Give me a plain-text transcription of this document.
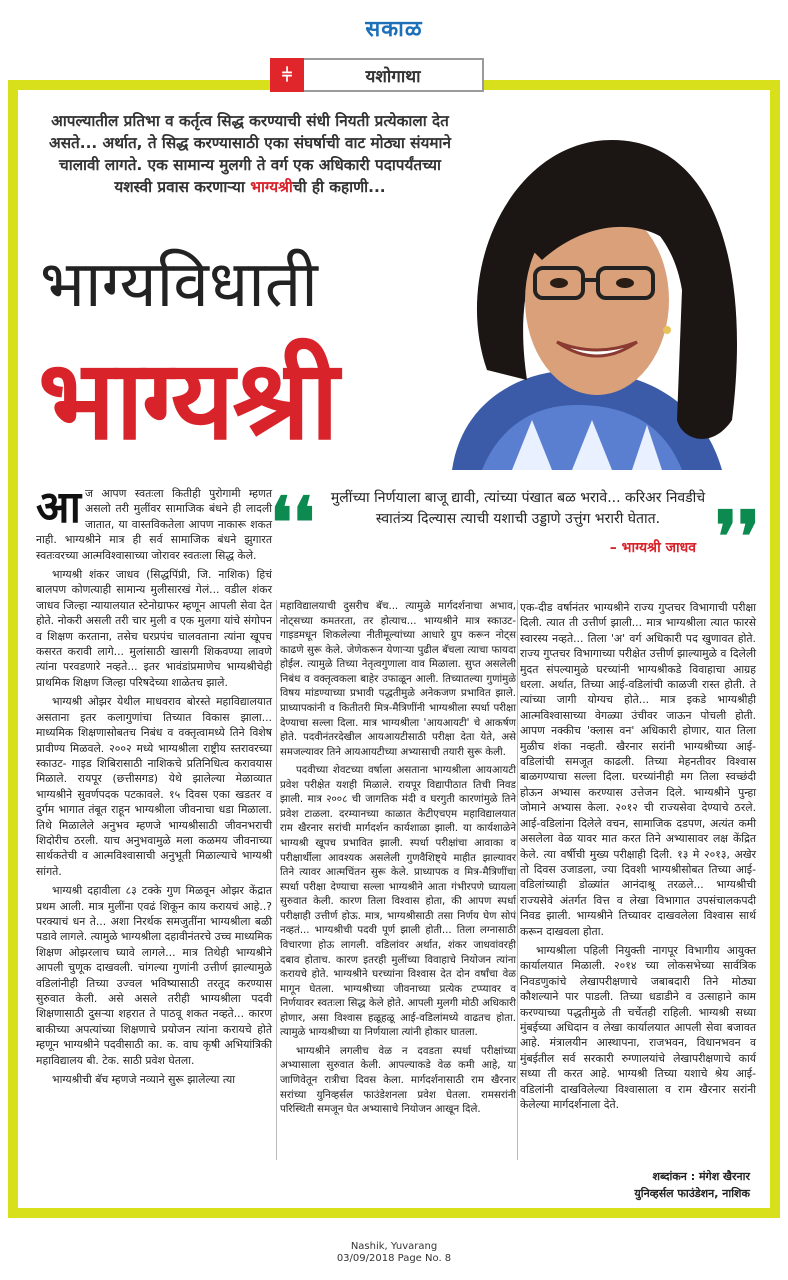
सकाळ
⫩	यशोगाथा
आपल्यातील प्रतिभा व कर्तृत्व सिद्ध करण्याची संधी नियती प्रत्येकाला देत असते... अर्थात, ते सिद्ध करण्यासाठी एका संघर्षाची वाट मोठ्या संयमाने चालावी लागते. एक सामान्य मुलगी ते वर्ग एक अधिकारी पदापर्यंतच्या यशस्वी प्रवास करणाऱ्या भाग्यश्रीची ही कहाणी...
भाग्यविधाती
भाग्यश्री
❛❛	मुलींच्या निर्णयाला बाजू द्यावी, त्यांच्या पंखात बळ भरावे... करिअर निवडीचे स्वातंत्र्य दिल्यास त्याची यशाची उड्डाणे उत्तुंग भरारी घेतात.
– भाग्यश्री जाधव ❜❜

आज आपण स्वतःला कितीही पुरोगामी म्हणत असलो तरी मुलींवर सामाजिक बंधने ही लादली जातात, या वास्तविकतेला आपण नाकारू शकत नाही. भाग्यश्रीने मात्र ही सर्व सामाजिक बंधने झुगारत स्वतःवरच्या आत्मविश्वासाच्या जोरावर स्वतःला सिद्ध केले.

भाग्यश्री शंकर जाधव (सिद्धपिंप्री, जि. नाशिक) हिचं बालपण कोणत्याही सामान्य मुलीसारखं गेलं... वडील शंकर जाधव जिल्हा न्यायालयात स्टेनोग्राफर म्हणून आपली सेवा देत होते. नोकरी असली तरी चार मुली व एक मुलगा यांचे संगोपन व शिक्षण करताना, तसेच घरप्रपंच चालवताना त्यांना खूपच कसरत करावी लागे... मुलांसाठी खासगी शिकवण्या लावणे त्यांना परवडणारे नव्हते... इतर भावंडांप्रमाणेच भाग्यश्रीचेही प्राथमिक शिक्षण जिल्हा परिषदेच्या शाळेतच झाले.

भाग्यश्री ओझर येथील माधवराव बोरस्ते महाविद्यालयात असताना इतर कलागुणांचा तिच्यात विकास झाला... माध्यमिक शिक्षणासोबतच निबंध व वक्तृत्वामध्ये तिने विशेष प्रावीण्य मिळवले. २००२ मध्ये भाग्यश्रीला राष्ट्रीय स्तरावरच्या स्काउट- गाइड शिबिरासाठी नाशिकचे प्रतिनिधित्व करावयास मिळाले. रायपूर (छत्तीसगड) येथे झालेल्या मेळाव्यात भाग्यश्रीने सुवर्णपदक पटकावले. १५ दिवस एका खडतर व दुर्गम भागात तंबूत राहून भाग्यश्रीला जीवनाचा धडा मिळाला. तिथे मिळालेले अनुभव म्हणजे भाग्यश्रीसाठी जीवनभराची शिदोरीच ठरली. याच अनुभवामुळे मला कळमय जीवनाच्या सार्थकतेची व आत्मविश्वासाची अनुभूती मिळाल्याचे भाग्यश्री सांगते.

भाग्यश्री दहावीला ८३ टक्के गुण मिळवून ओझर केंद्रात प्रथम आली. मात्र मुलींना एवढं शिकून काय करायचं आहे..? परक्याचं धन ते... अशा निरर्थक समजुतींना भाग्यश्रीला बळी पडावे लागले. त्यामुळे भाग्यश्रीला दहावीनंतरचे उच्च माध्यमिक शिक्षण ओझरलाच घ्यावे लागले... मात्र तिथेही भाग्यश्रीने आपली चुणूक दाखवली. चांगल्या गुणांनी उत्तीर्ण झाल्यामुळे वडिलांनीही तिच्या उज्वल भविष्यासाठी तरतूद करण्यास सुरुवात केली. असे असले तरीही भाग्यश्रीला पदवी शिक्षणासाठी दुसऱ्या शहरात ते पाठवू शकत नव्हते... कारण बाकीच्या अपत्यांच्या शिक्षणाचे प्रयोजन त्यांना करायचे होते म्हणून भाग्यश्रीने पदवीसाठी का. क. वाघ कृषी अभियांत्रिकी महाविद्यालय बी. टेक. साठी प्रवेश घेतला.

भाग्यश्रीची बॅच म्हणजे नव्याने सुरू झालेल्या त्या

महाविद्यालयाची दुसरीच बॅच... त्यामुळे मार्गदर्शनाचा अभाव, नोट्सच्या कमतरता, तर होत्याच... भाग्यश्रीने मात्र स्काउट-गाइडमधून शिकलेल्या नीतीमूल्यांच्या आधारे ग्रुप करून नोट्स काढणे सुरू केले. जेणेकरून येणाऱ्या पुढील बॅचला त्याचा फायदा होईल. त्यामुळे तिच्या नेतृत्वगुणाला वाव मिळाला. सुप्त असलेली निबंध व वक्तृत्वकला बाहेर उफाळून आली. तिच्यातल्या गुणांमुळे विषय मांडण्याच्या प्रभावी पद्धतीमुळे अनेकजण प्रभावित झाले. प्राध्यापकांनी व कितीतरी मित्र-मैत्रिणींनी भाग्यश्रीला स्पर्धा परीक्षा देण्याचा सल्ला दिला. मात्र भाग्यश्रीला 'आयआयटी' चे आकर्षण होते. पदवीनंतरदेखील आयआयटीसाठी परीक्षा देता येते, असे समजल्यावर तिने आयआयटीच्या अभ्यासाची तयारी सुरू केली.

पदवीच्या शेवटच्या वर्षाला असताना भाग्यश्रीला आयआयटी प्रवेश परीक्षेत यशही मिळाले. रायपूर विद्यापीठात तिची निवड झाली. मात्र २००८ ची जागतिक मंदी व घरगुती कारणांमुळे तिने प्रवेश टाळला. दरम्यानच्या काळात केटीएचएम महाविद्यालयात राम खैरनार सरांची मार्गदर्शन कार्यशाळा झाली. या कार्यशाळेने भाग्यश्री खूपच प्रभावित झाली. स्पर्धा परीक्षांचा आवाका व परीक्षार्थीला आवश्यक असलेली गुणवैशिष्ट्ये माहीत झाल्यावर तिने त्यावर आत्मचिंतन सुरू केले. प्राध्यापक व मित्र-मैत्रिणींचा स्पर्धा परीक्षा देण्याचा सल्ला भाग्यश्रीने आता गंभीरपणे घ्यायला सुरुवात केली. कारण तिला विश्वास होता, की आपण स्पर्धा परीक्षाही उत्तीर्ण होऊ. मात्र, भाग्यश्रीसाठी तसा निर्णय घेण सोपं नव्हतं... भाग्यश्रीची पदवी पूर्ण झाली होती... तिला लग्नासाठी विचारणा होऊ लागली. वडिलांवर अर्थात, शंकर जाधवांवरही दबाव होताच. कारण इतरही मुलींच्या विवाहाचे नियोजन त्यांना करायचे होते. भाग्यश्रीने घरच्यांना विश्वास देत दोन वर्षांचा वेळ मागून घेतला. भाग्यश्रीच्या जीवनाच्या प्रत्येक टप्प्यावर व निर्णयावर स्वतःला सिद्ध केले होते. आपली मुलगी मोठी अधिकारी होणार, असा विश्वास हळूहळू आई-वडिलांमध्ये वाढतच होता. त्यामुळे भाग्यश्रीच्या या निर्णयाला त्यांनी होकार घातला.

भाग्यश्रीने लगलीच वेळ न दवडता स्पर्धा परीक्षांच्या अभ्यासाला सुरुवात केली. आपल्याकडे वेळ कमी आहे, या जाणिवेतून रात्रीचा दिवस केला. मार्गदर्शनासाठी राम खैरनार सरांच्या युनिव्हर्सल फाउंडेशनला प्रवेश घेतला. रामसरांनी परिस्थिती समजून घेत अभ्यासाचे नियोजन आखून दिले.

एक-दीड वर्षानंतर भाग्यश्रीने राज्य गुप्तचर विभागाची परीक्षा दिली. त्यात ती उत्तीर्ण झाली... मात्र भाग्यश्रीला त्यात फारसे स्वारस्य नव्हते... तिला 'अ' वर्ग अधिकारी पद खुणावत होते. राज्य गुप्तचर विभागाच्या परीक्षेत उत्तीर्ण झाल्यामुळे व दिलेली मुदत संपल्यामुळे घरच्यांनी भाग्यश्रीकडे विवाहाचा आग्रह धरला. अर्थात, तिच्या आई-वडिलांची काळजी रास्त होती. ते त्यांच्या जागी योग्यच होते... मात्र इकडे भाग्यश्रीही आत्मविश्वासाच्या वेगळ्या उंचीवर जाऊन पोचली होती. आपण नक्कीच 'क्लास वन' अधिकारी होणार, यात तिला मुळीच शंका नव्हती. खैरनार सरांनी भाग्यश्रीच्या आई- वडिलांची समजूत काढली. तिच्या मेहनतीवर विश्वास बाळगण्याचा सल्ला दिला. घरच्यांनीही मग तिला स्वच्छंदी होऊन अभ्यास करण्यास उत्तेजन दिले. भाग्यश्रीने पुन्हा जोमाने अभ्यास केला. २०१२ ची राज्यसेवा देण्याचे ठरले. आई-वडिलांना दिलेले वचन, सामाजिक दडपण, अत्यंत कमी असलेला वेळ यावर मात करत तिने अभ्यासावर लक्ष केंद्रित केले. त्या वर्षीची मुख्य परीक्षाही दिली. १३ मे २०१३, अखेर तो दिवस उजाडला, ज्या दिवशी भाग्यश्रीसोबत तिच्या आई-वडिलांच्याही डोळ्यांत आनंदाश्रू तरळले... भाग्यश्रीची राज्यसेवे अंतर्गत वित्त व लेखा विभागात उपसंचालकपदी निवड झाली. भाग्यश्रीने तिच्यावर दाखवलेला विश्वास सार्थ करून दाखवला होता.

भाग्यश्रीला पहिली नियुक्ती नागपूर विभागीय आयुक्त कार्यालयात मिळाली. २०१४ च्या लोकसभेच्या सार्वत्रिक निवडणुकांचे लेखापरीक्षणाचे जबाबदारी तिने मोठ्या कौशल्याने पार पाडली. तिच्या धडाडीने व उत्साहाने काम करण्याच्या पद्धतीमुळे ती चर्चेतही राहिली. भाग्यश्री सध्या मुंबईच्या अधिदान व लेखा कार्यालयात आपली सेवा बजावत आहे. मंत्रालयीन आस्थापना, राजभवन, विधानभवन व मुंबईतील सर्व सरकारी रुग्णालयांचे लेखापरीक्षणाचे कार्य सध्या ती करत आहे. भाग्यश्री तिच्या यशाचे श्रेय आई-वडिलांनी दाखविलेल्या विश्वासाला व राम खैरनार सरांनी केलेल्या मार्गदर्शनाला देते.

शब्दांकन : मंगेश खैरनार
युनिव्हर्सल फाउंडेशन, नाशिक
Nashik, Yuvarang
03/09/2018 Page No. 8
